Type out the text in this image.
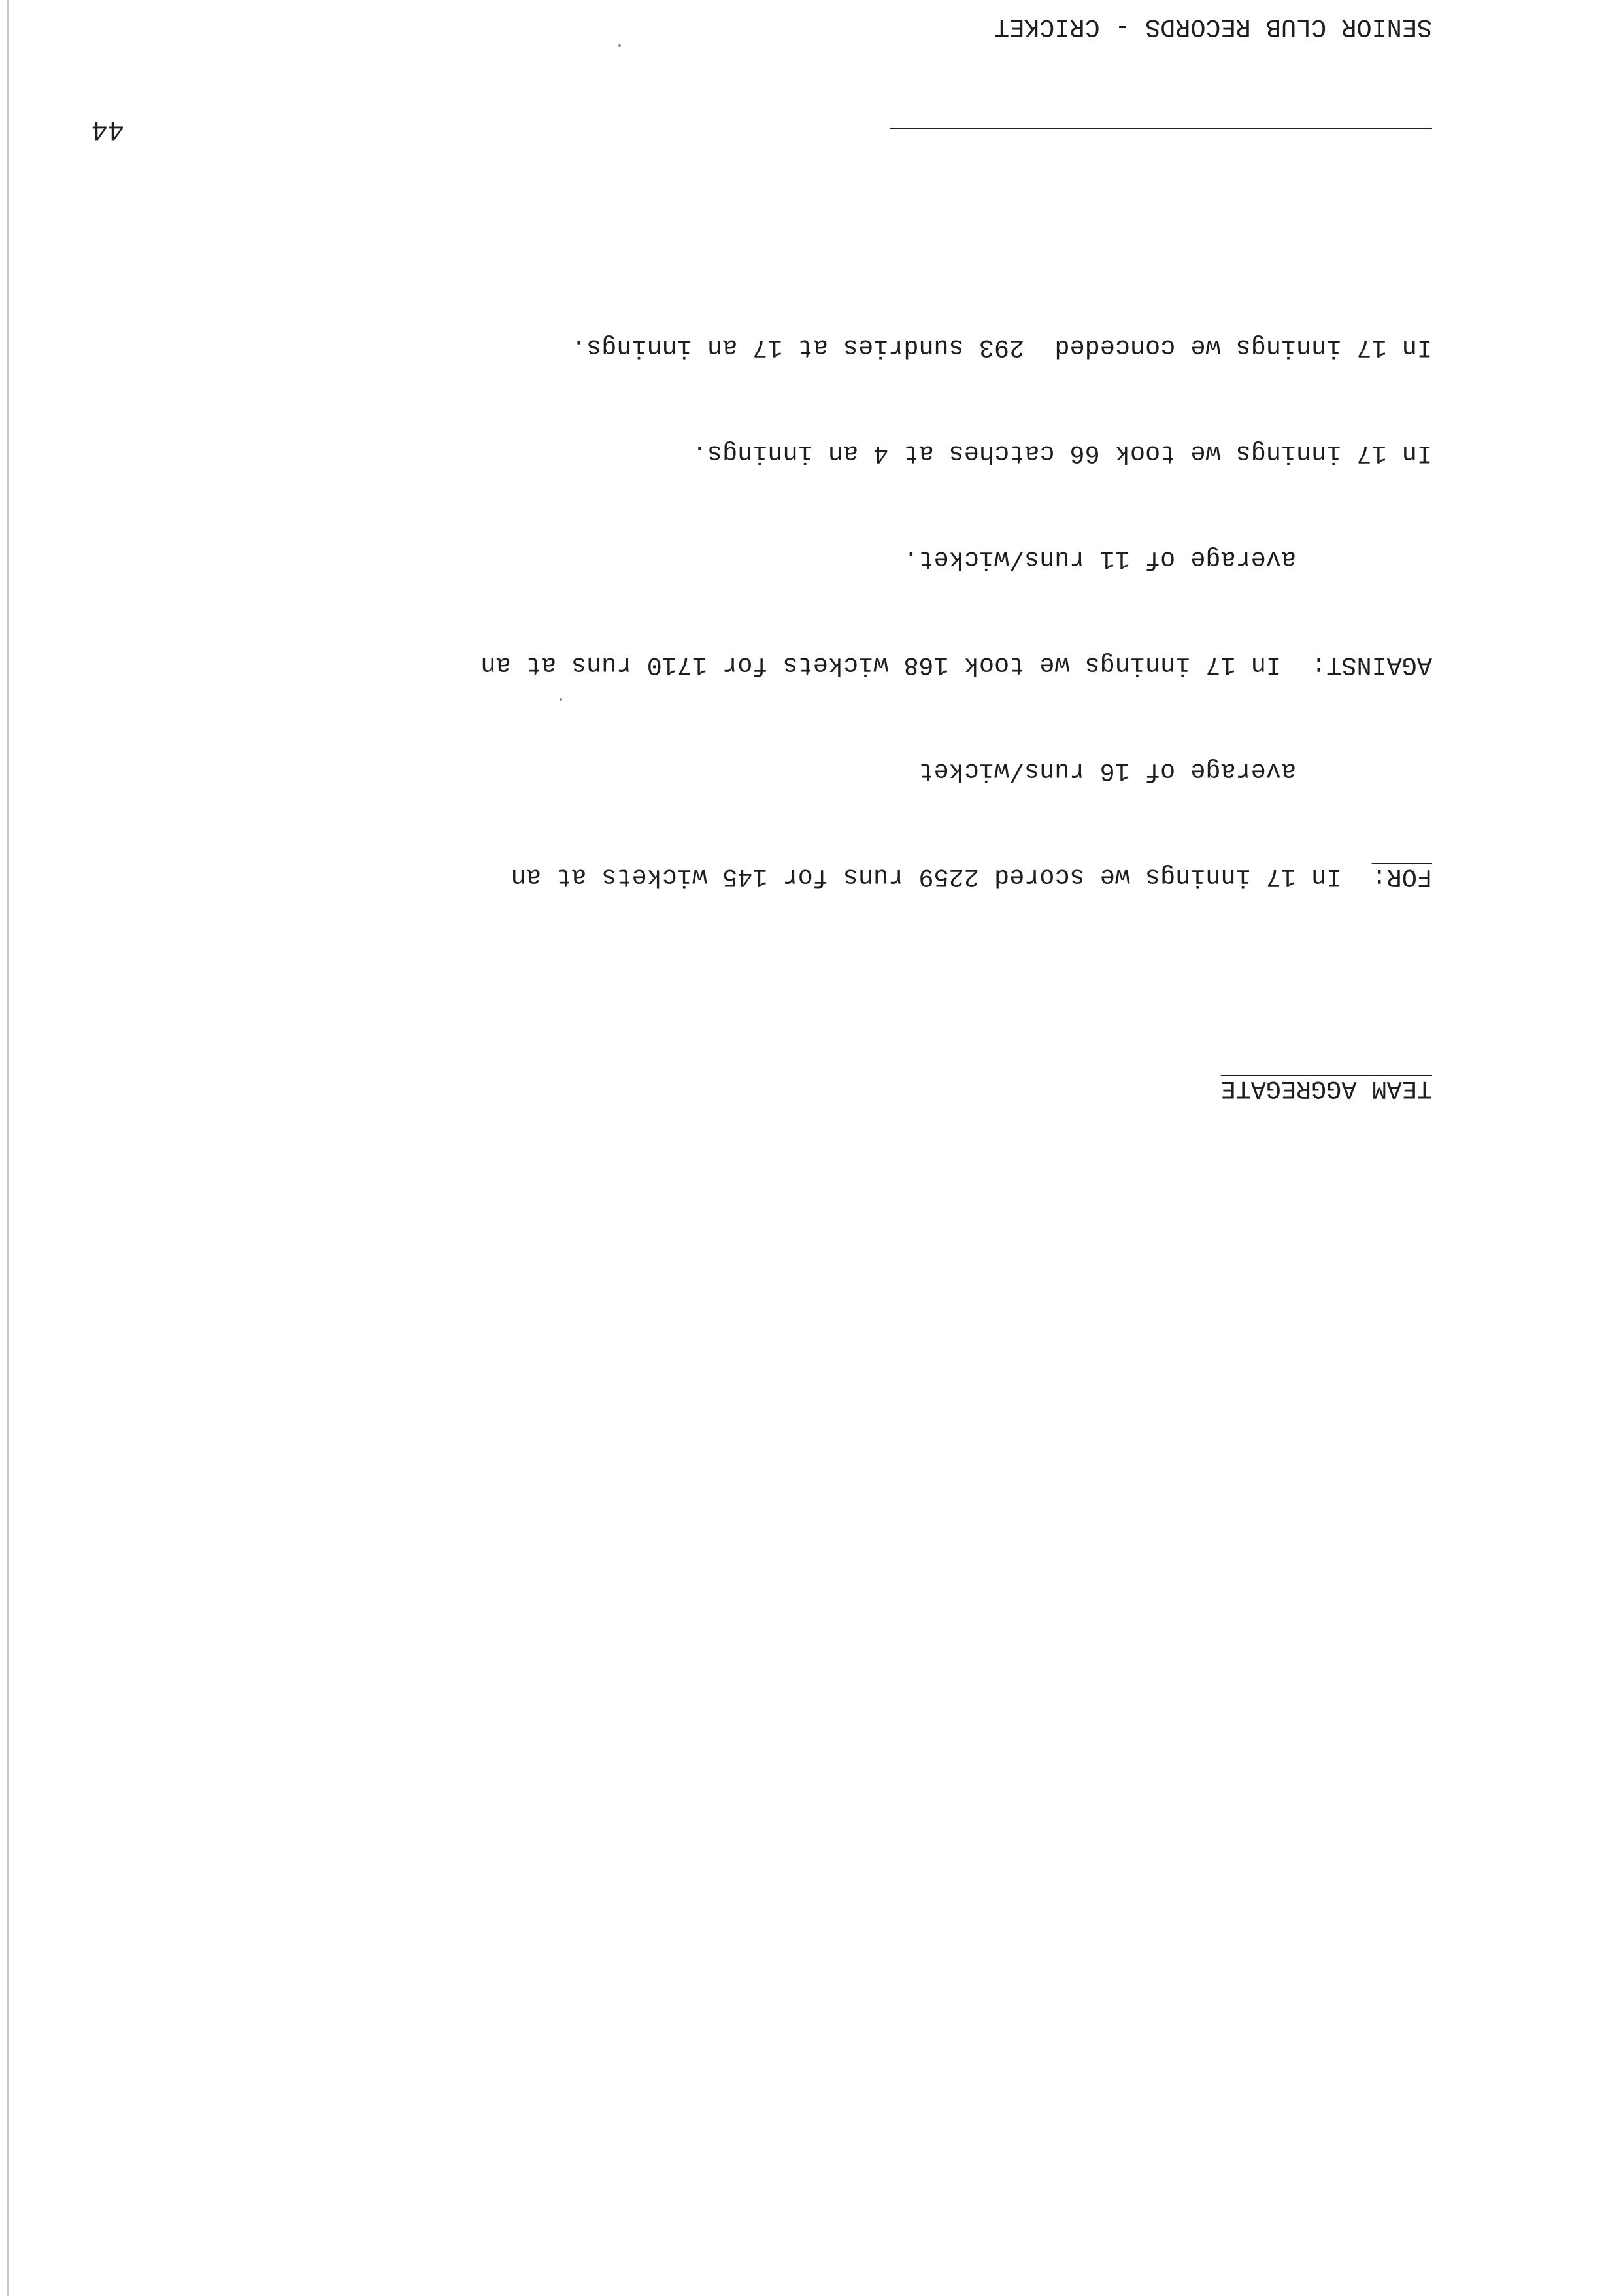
44

TEAM AGGREGATE

FOR:  In 17 innings we scored 2259 runs for 145 wickets at an

average of 16 runs/wicket

AGAINST:  In 17 innings we took 168 wickets for 1710 runs at an

average of 11 runs/wicket.

In 17 innings we took 66 catches at 4 an innings.

In 17 innings we conceded  293 sundries at 17 an innings.

SENIOR CLUB RECORDS - CRICKET
